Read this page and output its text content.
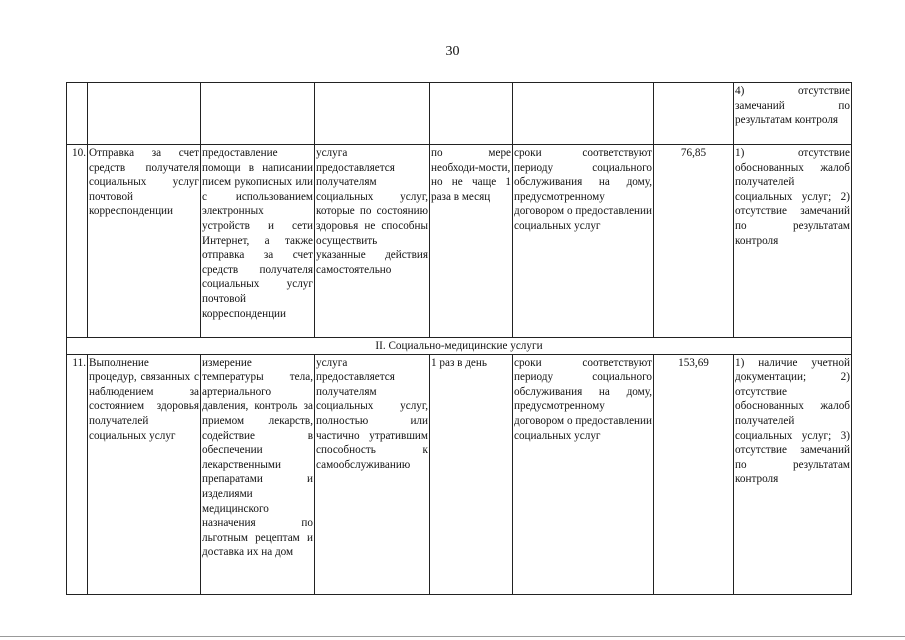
30
							4) отсутствие замечаний по результатам контроля
10.	Отправка за счет средств получателя социальных услуг почтовой корреспонденции	предоставление помощи в написании писем рукописных или с использованием электронных устройств и сети Интернет, а также отправка за счет средств получателя социальных услуг почтовой корреспонденции	услуга предоставляется получателям социальных услуг, которые по состоянию здоровья не способны осуществить указанные действия самостоятельно	по мере необходи-мости, но не чаще 1 раза в месяц	сроки соответствуют периоду социального обслуживания на дому, предусмотренному договором о предоставлении социальных услуг	76,85	1) отсутствие обоснованных жалоб получателей социальных услуг; 2) отсутствие замечаний по результатам контроля
II. Социально-медицинские услуги							
11.	Выполнение процедур, связанных с наблюдением за состоянием здоровья получателей социальных услуг	измерение температуры тела, артериального давления, контроль за приемом лекарств, содействие в обеспечении лекарственными препаратами и изделиями медицинского назначения по льготным рецептам и доставка их на дом	услуга предоставляется получателям социальных услуг, полностью или частично утратившим способность к самообслуживанию	1 раз в день	сроки соответствуют периоду социального обслуживания на дому, предусмотренному договором о предоставлении социальных услуг	153,69	1) наличие учетной документации; 2) отсутствие обоснованных жалоб получателей социальных услуг; 3) отсутствие замечаний по результатам контроля
